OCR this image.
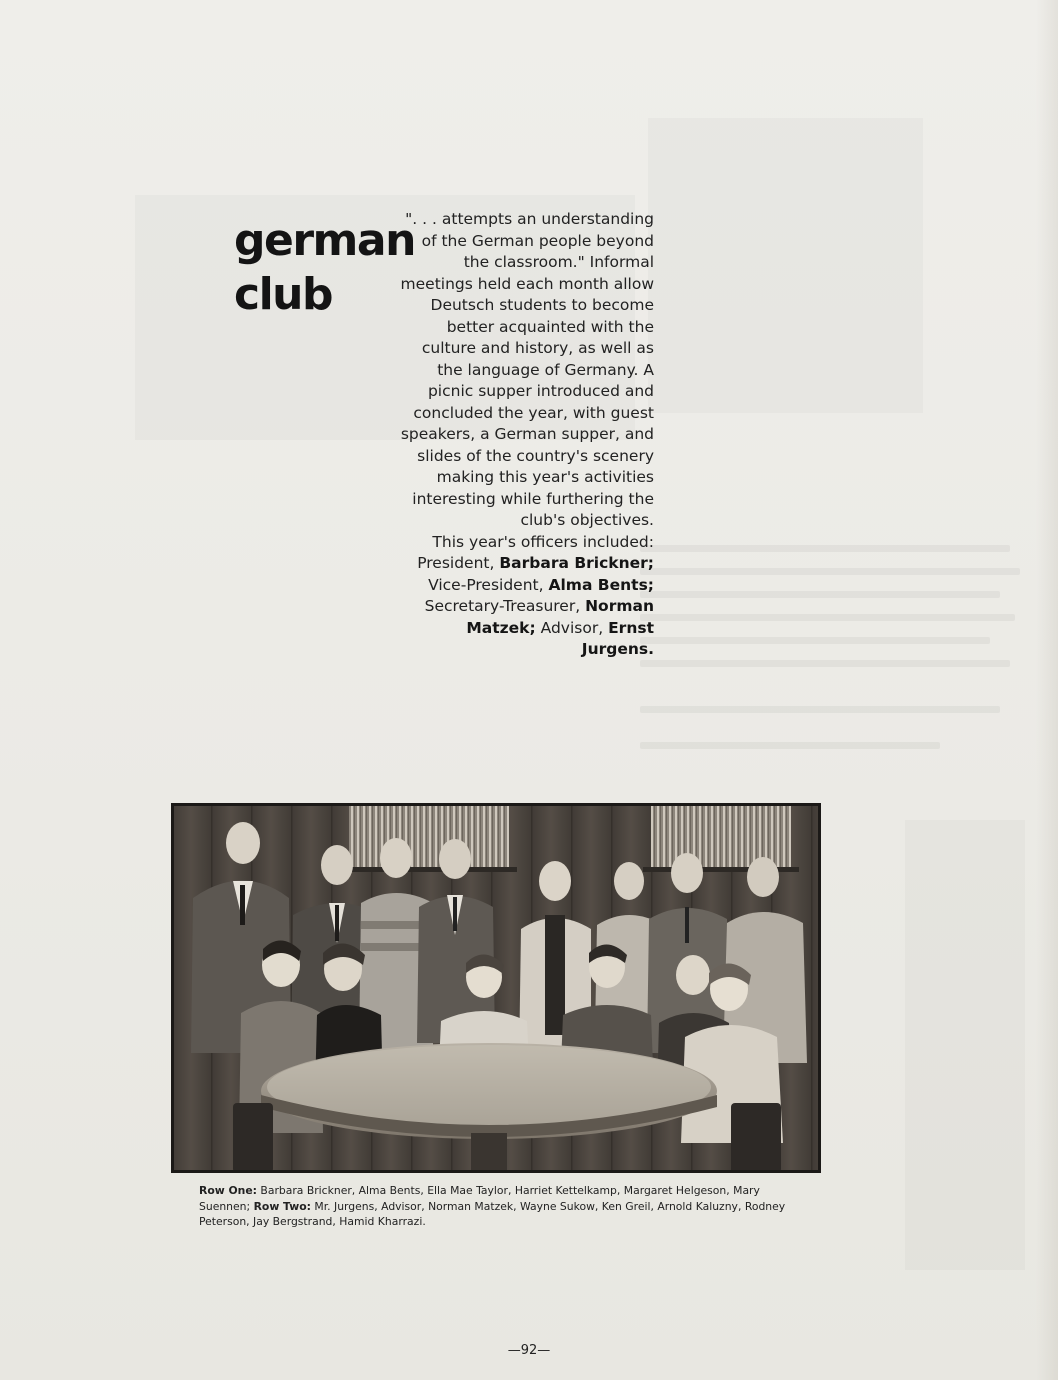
german
club

". . . attempts an understanding of the German people beyond the classroom." Informal meetings held each month allow Deutsch students to become better acquainted with the culture and history, as well as the language of Germany. A picnic supper introduced and concluded the year, with guest speakers, a German supper, and slides of the country's scenery making this year's activities interesting while furthering the club's objectives.

This year's officers included: President, Barbara Brickner; Vice-President, Alma Bents; Secretary-Treasurer, Norman Matzek; Advisor, Ernst Jurgens.

Row One: Barbara Brickner, Alma Bents, Ella Mae Taylor, Harriet Kettelkamp, Margaret Helgeson, Mary Suennen; Row Two: Mr. Jurgens, Advisor, Norman Matzek, Wayne Sukow, Ken Greil, Arnold Kaluzny, Rodney Peterson, Jay Bergstrand, Hamid Kharrazi.
—92—
